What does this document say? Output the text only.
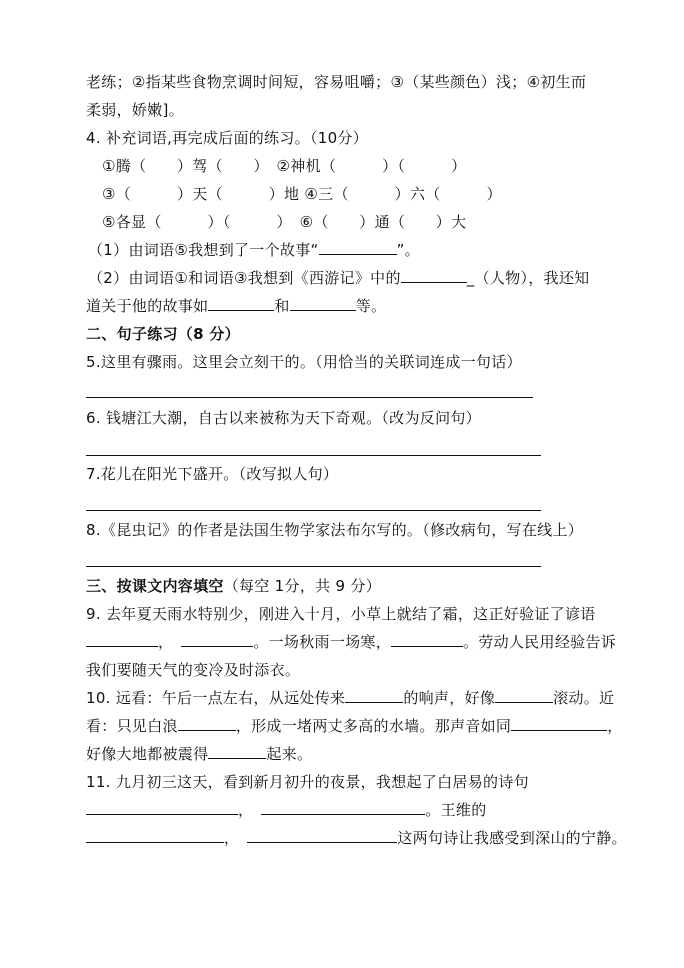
老练；②指某些食物烹调时间短，容易咀嚼；③（某些颜色）浅；④初生而
柔弱，娇嫩]。
4. 补充词语,再完成后面的练习。（10分）
①腾（　　）驾（　　）　②神机（　　　）（　　　）
③（　　　）天（　　　）地 ④三（　　　）六（　　　）
⑤各显（　　　）（　　　）　⑥（　　）通（　　）大
（1）由词语⑤我想到了一个故事“	”。
（2）由词语①和词语③我想到《西游记》中的	_（人物），我还知
道关于他的故事如	和	等。
二、句子练习（8 分）
5.这里有骤雨。这里会立刻干的。（用恰当的关联词连成一句话）
6. 钱塘江大潮，自古以来被称为天下奇观。（改为反问句）
7.花儿在阳光下盛开。（改写拟人句）
8.《昆虫记》的作者是法国生物学家法布尔写的。（修改病句，写在线上）
三、按课文内容填空（每空 1分，共 9 分）
9. 去年夏天雨水特别少，刚进入十月，小草上就结了霜，这正好验证了谚语
，	。一场秋雨一场寒，	。劳动人民用经验告诉
我们要随天气的变冷及时添衣。
10. 远看：午后一点左右，从远处传来	的响声，好像	滚动。近
看：只见白浪	，形成一堵两丈多高的水墙。那声音如同	，
好像大地都被震得	起来。
11. 九月初三这天，看到新月初升的夜景，我想起了白居易的诗句
，	。王维的
，	这两句诗让我感受到深山的宁静。
